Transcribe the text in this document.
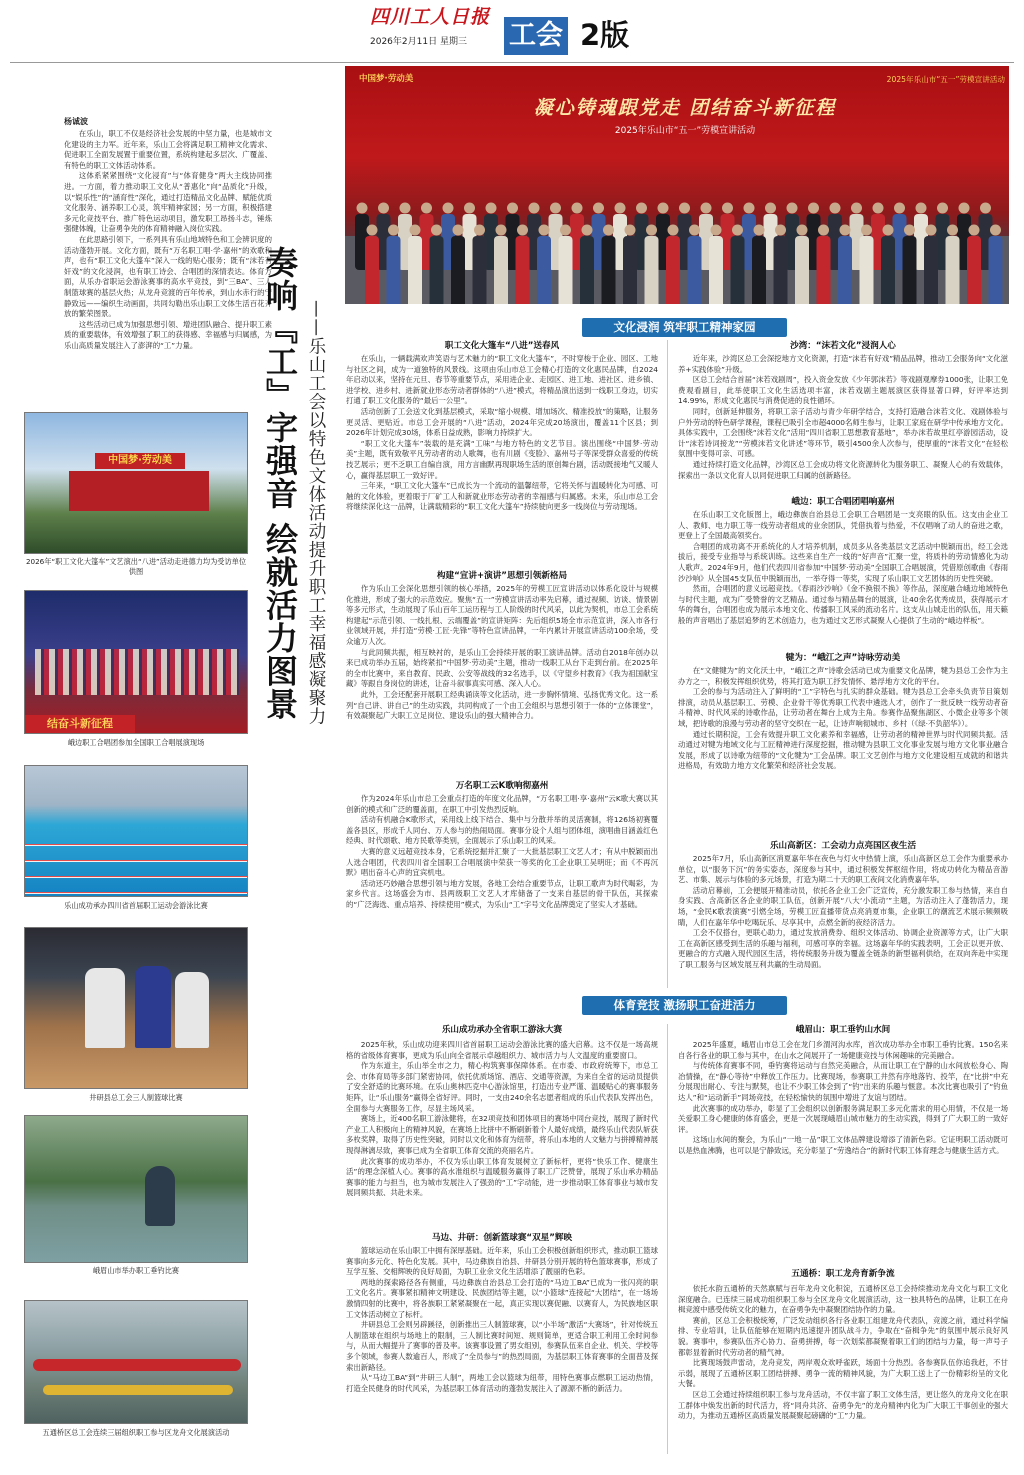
四川工人日报
2026年2月11日 星期三	工会 2版
中国梦·劳动美	2025年乐山市“五一”劳模宣讲活动
凝心铸魂跟党走 团结奋斗新征程
2025年乐山市“五一”劳模宣讲活动
杨诚波

在乐山，职工不仅是经济社会发展的中坚力量，也是城市文化建设的主力军。近年来，乐山工会将满足职工精神文化需求、促进职工全面发展置于重要位置，系统构建起多层次、广覆盖、有特色的职工文体活动体系。

这体系紧紧围绕“文化浸育”与“体育健身”两大主线协同推进。一方面，着力推动职工文化从“普惠化”向“品质化”升级，以“娱乐性”的“涵育性”深化，通过打造精品文化品牌、赋能优质文化服务、涵养职工心灵，筑牢精神家园；另一方面，积极搭建多元化竞技平台、推广特色运动项目，激发职工昂扬斗志，锤炼强健体魄，让奋勇争先的体育精神融入岗位实践。

在此思路引领下，一系列具有乐山地域特色和工会辨识度的活动蓬勃开展。文化方面，既有“万名职工唱·学·嘉州”的欢歌和声，也有“职工文化大篷车”深入一线的贴心服务；既有“沫若有奸戏”的文化浸润，也有职工诗会、合唱团的深情表达。体育方面，从乐办省职运会游泳赛事的高水平竞技，到“三BA”、三人制篮球赛的基层火热；从龙舟竞渡的百年传承，到山水赤行的宁静致远——编织生动画面，共同勾勒出乐山职工文体生活百花齐放的繁荣图景。

这些活动已成为加强思想引领、增进团队融合、提升职工素质的重要载体，有效增强了职工的获得感、幸福感与归属感，为乐山高质量发展注入了澎湃的“工”力量。	奏响『工』字强音 绘就活力图景 ——乐山工会以特色文体活动提升职工幸福感凝聚力
中国梦·劳动美
2026年“职工文化大篷车”文艺演出“八进”活动走进德力均为受访单位供图
结奋斗新征程
峨边职工合唱团参加全国职工合唱展演现场
乐山成功承办四川省首届职工运动会游泳比赛
井研县总工会三人制篮球比赛
峨眉山市举办职工垂钓比赛
五通桥区总工会连续三届组织职工参与区龙舟文化展演活动
文化浸润 筑牢职工精神家园
职工文化大篷车“八进”送春风

在乐山，一辆载满欢声笑语与艺术魅力的“职工文化大篷车”，不时穿梭于企业、园区、工地与社区之间，成为一道独特的风景线。这项由乐山市总工会精心打造的文化惠民品牌，自2024年启动以来，坚持在元旦、春节等重要节点，采用进企业、走园区、进工地、进社区、进乡镇、进学校、进乡村、进新就业形态劳动者群体的“八进”模式，将精品演出送到一线职工身边，切实打通了职工文化服务的“最后一公里”。

活动创新了工会送文化到基层模式，采取“缩小规模、增加场次、精准投放”的策略，让服务更灵活、更贴近。市总工会开展的“八进”活动，2024年完成20场演出，覆盖11个区县；到2026年计划完成30场，体系日益成熟，影响力持续扩大。

“职工文化大篷车”装载的是充满“工味”与地方特色的文艺节目。演出围绕“中国梦·劳动美”主题，既有致敬平凡劳动者的动人歌舞，也有川剧《变脸》、嘉州号子等深受群众喜爱的传统技艺展示；更不乏职工自编自演，用方言幽默再现职场生活的原创舞台剧，活动既接地气又暖人心，赢得基层职工一致好评。

三年来，“职工文化大篷车”已成长为一个流动的温馨纽带，它将关怀与温暖转化为可感、可触的文化体验，更着眼于厂矿工人和新就业形态劳动者的幸福感与归属感。未来，乐山市总工会将继续深化这一品牌，让满载精彩的“职工文化大篷车”持续驶向更多一线岗位与劳动现场。

构建“宣讲+演讲”思想引领新格局

作为乐山工会深化思想引领的核心举措，2025年的劳模工匠宣讲活动以体系化设计与规模化推进，形成了强大的示范效应。聚焦“五一”劳模宣讲活动率先启幕，通过视频、访谈、情景剧等多元形式，生动展现了乐山百年工运历程与工人阶级的时代风采，以此为契机，市总工会系统构建起“示范引领、一线扎根、云端覆盖”的宣讲矩阵：先后组织5场全市示范宣讲，深入市各行业领域开展，并打造“劳模·工匠·先锋”等特色宣讲品牌，一年内累计开展宣讲活动100余场，受众逾万人次。

与此同频共振，相互映衬的，是乐山工会持续开展的职工演讲品牌。活动自2018年创办以来已成功举办五届，始终紧扣“中国梦·劳动美”主题，推动一线职工从台下走到台前。在2025年的全市比赛中，来自教育、民政、公安等战线的32名选手，以《守望乡村教育》《我为祖国献宝藏》等跟自身岗位的讲述，让奋斗叙事真实可感、深入人心。

此外，工会还配套开展职工经典诵读等文化活动，进一步胸怀情境、弘扬优秀文化。这一系列“自己讲、讲自己”的生动实践，共同构成了一个由工会组织与思想引领于一体的“立体课堂”，有效凝聚起广大职工立足岗位、建设乐山的强大精神合力。

万名职工云K歌响彻嘉州

作为2024年乐山市总工会重点打造的年度文化品牌，“万名职工唱·享·嘉州”云K歌大赛以其创新的模式和广泛的覆盖面，在职工中引发热烈反响。

活动有机融合K歌形式，采用线上线下结合、集中与分散并举的灵活赛制，将126场初赛覆盖各县区，形成千人同台、万人参与的热闹局面。赛事分设个人组与团体组，演唱曲目涵盖红色经典、时代颂歌、地方民歌等类别，全面展示了乐山职工的风采。

大赛的意义远超竞技本身，它系统挖掘并汇聚了一大批基层职工文艺人才；有从中脱颖而出人选合唱团，代表四川省全国职工合唱展演中荣获一等奖的化工企业职工吴明旺；而《不再沉默》唱出奋斗心声的宜宾机电。

活动还巧妙融合思想引领与地方发展，各地工会结合重要节点，让职工歌声为时代喝彩，为家乡代言。这场盛会为市、县两级职工文艺人才库储备了一支来自基层的骨干队伍，其探索的“广泛海选、重点培养、持续使用”模式，为乐山“工”字号文化品牌奠定了坚实人才基础。

沙湾：“沫若文化”浸润人心

近年来，沙湾区总工会深挖地方文化资源，打造“沫若有好戏”精品品牌，推动工会服务向“文化滋养+实践体验”升级。

区总工会结合首届“沫若戏剧周”，投入资金发放《少年郭沫若》等戏剧观摩券1000张，让职工免费观看剧目，此举使职工文化生活选项丰富，沫若戏剧主题展演区获得显著口碑，好评率达到14.99%，形成文化惠民与消费促进的良性循环。

同时，创新延伸服务，将职工亲子活动与青少年研学结合，支持打造融合沫若文化、戏剧体验与户外劳动的特色研学课程，课程已吸引全市超4000名师生参与，让职工家庭在研学中传承地方文化。具体实践中，工会围绕“沫若文化”活用“四川省职工思想教育基地”，举办沫若故里红亭游园活动，设计“沫若诗词接龙”“劳模沫若文化讲述”等环节，吸引4500余人次参与，使厚重的“沫若文化”在轻松氛围中变得可亲、可感。

通过持续打造文化品牌，沙湾区总工会成功将文化资源转化为服务职工、凝聚人心的有效载体，探索出一条以文化育人以同促进职工归属的创新路径。

峨边：职工合唱团唱响嘉州

在乐山职工文化版图上，峨边彝族自治县总工会职工合唱团是一支亮眼的队伍。这支由企业工人、教师、电力职工等一线劳动者组成的业余团队，凭借执着与热爱，不仅唱响了动人的奋进之歌，更登上了全国最高领奖台。

合唱团的成功离不开系统化的人才培养机制，成员多从各类基层文艺活动中脱颖而出，经工会选拔后，接受专业指导与系统训练。这些来自生产一线的“好声音”汇聚一堂，将质朴的劳动情感化为动人歌声。2024年9月，他们代表四川省参加“中国梦·劳动美”全国职工合唱展演，凭借原创歌曲《春雨沙沙响》从全国45支队伍中脱颖而出，一举夺得一等奖，实现了乐山职工文艺团体的历史性突破。

然而，合唱团的意义远超竞技。《春雨沙沙响》《金不换银不换》等作品，深度融合峨边地域特色与时代主题，成为广受赞誉的文艺精品。通过参与精品舞台的展演，让40余名优秀成员，获得展示才华的舞台，合唱团也成为展示本地文化、传播职工风采的流动名片。这支从山城走出的队伍，用天籁般的声音唱出了基层追梦的艺术创造力，也为通过文艺形式凝聚人心提供了生动的“峨边样板”。

犍为：“峨江之声”诗咏劳动美

在“文健犍为”的文化沃土中，“峨江之声”诗歌会活动已成为重要文化品牌，犍为县总工会作为主办方之一，积极发挥组织优势，将其打造为职工抒发情怀、悬浮地方文化的平台。

工会的参与为活动注入了鲜明的“工”字特色与扎实的群众基础。犍为县总工会牵头负责节目策划排演，动员从基层职工、劳模、企业骨干等优秀职工代表中遴选人才，创作了一批反映一线劳动者奋斗精神、时代风采的诗歌作品，让劳动者在舞台上成为主角。参赛作品聚焦湖区、小微企业等多个领域，把诗歌的浪漫与劳动者的坚守交织在一起，让诗声响彻城市、乡村（《绿·不负韶华》）。

通过长期积淀，工会有效提升职工文化素养和幸福感，让劳动者的精神世界与时代同频共振。活动通过对犍为地域文化与工匠精神进行深度挖掘，推动犍为县职工文化事业发展与地方文化事业融合发展，形成了以诗歌为纽带的“文化犍为”工会品牌。职工文艺创作与地方文化建设相互成就的和谐共进格局，有效助力地方文化繁荣和经济社会发展。

乐山高新区：工会动力点亮国区夜生活

2025年7月，乐山高新区消夏嘉年华在夜色与灯火中热情上演，乐山高新区总工会作为重要承办单位，以“服务下沉”的务实姿态，深度参与其中，通过积极发挥枢纽作用，将成功转化为精品音游艺、市集、展示与体验的多元场景，打造为期二十天的职工夜间文化消费嘉年华。

活动启幕前，工会便展开精准动员，依托各企业工会广泛宣传，充分激发职工参与热情，来自自身实践、含高新区各企业的职工队伍，创新开展“八大‘小流动’”主题，为活动注入了蓬勃活力，现场，“金民K歌表演赛”引燃全场，劳模工匠直播带货点亮消夏市集，企业职工的潮流艺术展示频频吸睛，人们在嘉年华中吃喝玩乐、尽享其中，点燃全新的夜经济活力。

工会不仅搭台，更联心助力，通过发放消费券、组织文体活动、协调企业资源等方式，让广大职工在高新区感受到生活的乐趣与福利，可感可享的幸福。这场嘉年华的实践表明，工会正以更开放、更融合的方式融入现代园区生活，将传统服务升级为覆盖全链条的新型福利供给，在双向奔赴中实现了职工服务与区域发展互利共赢的生动局面。

体育竞技 激扬职工奋进活力
乐山成功承办全省职工游泳大赛

2025年秋，乐山成功迎来四川省首届职工运动会游泳比赛的盛大启幕。这不仅是一场高规格的省级体育赛事，更成为乐山向全省展示卓越组织力、城市活力与人文温度的重要窗口。

作为东道主，乐山举全市之力，精心构筑赛事保障体系。在市委、市政府统筹下，市总工会、市体育局等多部门紧密协同，依托优质场馆、酒店、交通等资源，为来自全省的运动员提供了安全舒适的比赛环境。在乐山奥林匹克中心游泳馆里，打造出专业严谨、温暖贴心的赛事服务矩阵，让“乐山服务”赢得全省好评。同时，一支由240余名志愿者组成的乐山代表队发挥出色，全面参与大赛服务工作，尽显主场风采。

赛场上，近400名职工游泳健将，在32项竞技和团体项目的赛场中同台竞技，展现了新时代产业工人积极向上的精神风貌，在赛场上比拼中不断刷新着个人最好成绩，最终乐山代表队斩获多枚奖牌，取得了历史性突破，同时以文化和体育为纽带，将乐山本地的人文魅力与拼搏精神展现得淋漓尽致，赛事已成为全省职工体育交流的亮丽名片。

此次赛事的成功举办，不仅为乐山职工体育发展树立了新标杆，更将“快乐工作、健康生活”的理念深植人心。赛事的高水准组织与温暖服务赢得了职工广泛赞誉，展现了乐山承办精品赛事的能力与担当，也为城市发展注入了强劲的“工”字动能，进一步推动职工体育事业与城市发展同频共振、共赴未来。

马边、井研：创新篮球赛“双星”辉映

篮球运动在乐山职工中拥有深厚基础。近年来，乐山工会积极创新组织形式，推动职工篮球赛事向多元化、特色化发展。其中，马边彝族自治县、井研县分别开展的特色篮球赛事，形成了互学互鉴、交相辉映的良好局面，为职工业余文化生活增添了靓丽的色彩。

两地的探索路径各有侧重，马边彝族自治县总工会打造的“马边工BA”已成为一张闪亮的职工文化名片。赛事紧扣精神文明建设、民族团结等主题，以“小篮球”连接起“大团结”，在一场场激情四射的比赛中，将各族职工紧紧凝聚在一起，真正实现以赛促融、以赛育人，为民族地区职工文体活动树立了标杆。

井研县总工会则另辟蹊径，创新推出三人制篮球赛，以“小半场”激活“大赛场”，针对传统五人制篮球在组织与场地上的限制，三人制比赛时间短、规则简单，更适合职工利用工余时间参与，从而大幅提升了赛事的普及率。该赛事设置了男女组别，参赛队伍来自企业、机关、学校等多个领域，参赛人数逾百人，形成了“全员参与”的热烈局面，为基层职工体育赛事的全面普及探索出新路径。

从“马边工BA”到“井研三人制”，两地工会以篮球为纽带，用特色赛事点燃职工运动热情，打造全民健身的时代风采，为基层职工体育活动的蓬勃发展注入了源源不断的新活力。

峨眉山：职工垂钓山水间

2025年盛夏，峨眉山市总工会在龙门乡渭河沟水库，首次成功举办全市职工垂钓比赛。150名来自各行各业的职工参与其中，在山水之间展开了一场健康竞技与休闲趣味的完美融合。

与传统体育赛事不同，垂钓赛将运动与自然完美融合，从而让职工在宁静的山水间放松身心、陶冶情操，在“静心等待”中释放工作压力。比赛现场，参赛职工井然有序地落钓、投竿，在“比拼”中充分展现出耐心、专注与默契，也让不少职工体会到了“钓”出来的乐趣与惬意。本次比赛也吸引了“钓鱼达人”和“运动新手”同场竞技，在轻松愉快的氛围中增进了友谊与团结。

此次赛事的成功举办，彰显了工会组织以创新服务满足职工多元化需求的用心用情，不仅是一场关爱职工身心健康的体育盛会，更是一次展现峨眉山城市魅力的生动实践，得到了广大职工的一致好评。

这场山水间的聚会，为乐山“一地一品”职工文体品牌建设增添了清新色彩。它证明职工活动既可以是热血沸腾，也可以是宁静致远，充分彰显了“劳逸结合”的新时代职工体育理念与健康生活方式。

五通桥：职工龙舟育新争流

依托水韵五通桥的天然禀赋与百年龙舟文化积淀，五通桥区总工会持续推动龙舟文化与职工文化深度融合。已连续三届成功组织职工参与全区龙舟文化展演活动，这一独具特色的品牌，让职工在舟楫竞渡中感受传统文化的魅力，在奋勇争先中凝聚团结协作的力量。

赛前，区总工会积极统筹，广泛发动组织各行各业职工组建龙舟代表队，竞渡之前，通过科学编排、专业培训，让队伍能够在短期内迅速提升团队战斗力，争取在“奋楫争先”的氛围中展示良好风貌。赛事中，参赛队伍齐心协力、奋勇拼搏，每一次划桨都凝聚着职工们的团结与力量，每一声号子都彰显着新时代劳动者的精气神。

比赛现场鼓声雷动，龙舟竞发，两岸观众欢呼雀跃，场面十分热烈。各参赛队伍你追我赶，不甘示弱，展现了五通桥区职工团结拼搏、勇争一流的精神风貌，为广大职工送上了一份精彩纷呈的文化大餐。

区总工会通过持续组织职工参与龙舟活动，不仅丰富了职工文体生活，更让悠久的龙舟文化在职工群体中焕发出新的时代活力，将“同舟共济、奋勇争先”的龙舟精神内化为广大职工干事创业的强大动力，为推动五通桥区高质量发展凝聚起磅礴的“工”力量。
